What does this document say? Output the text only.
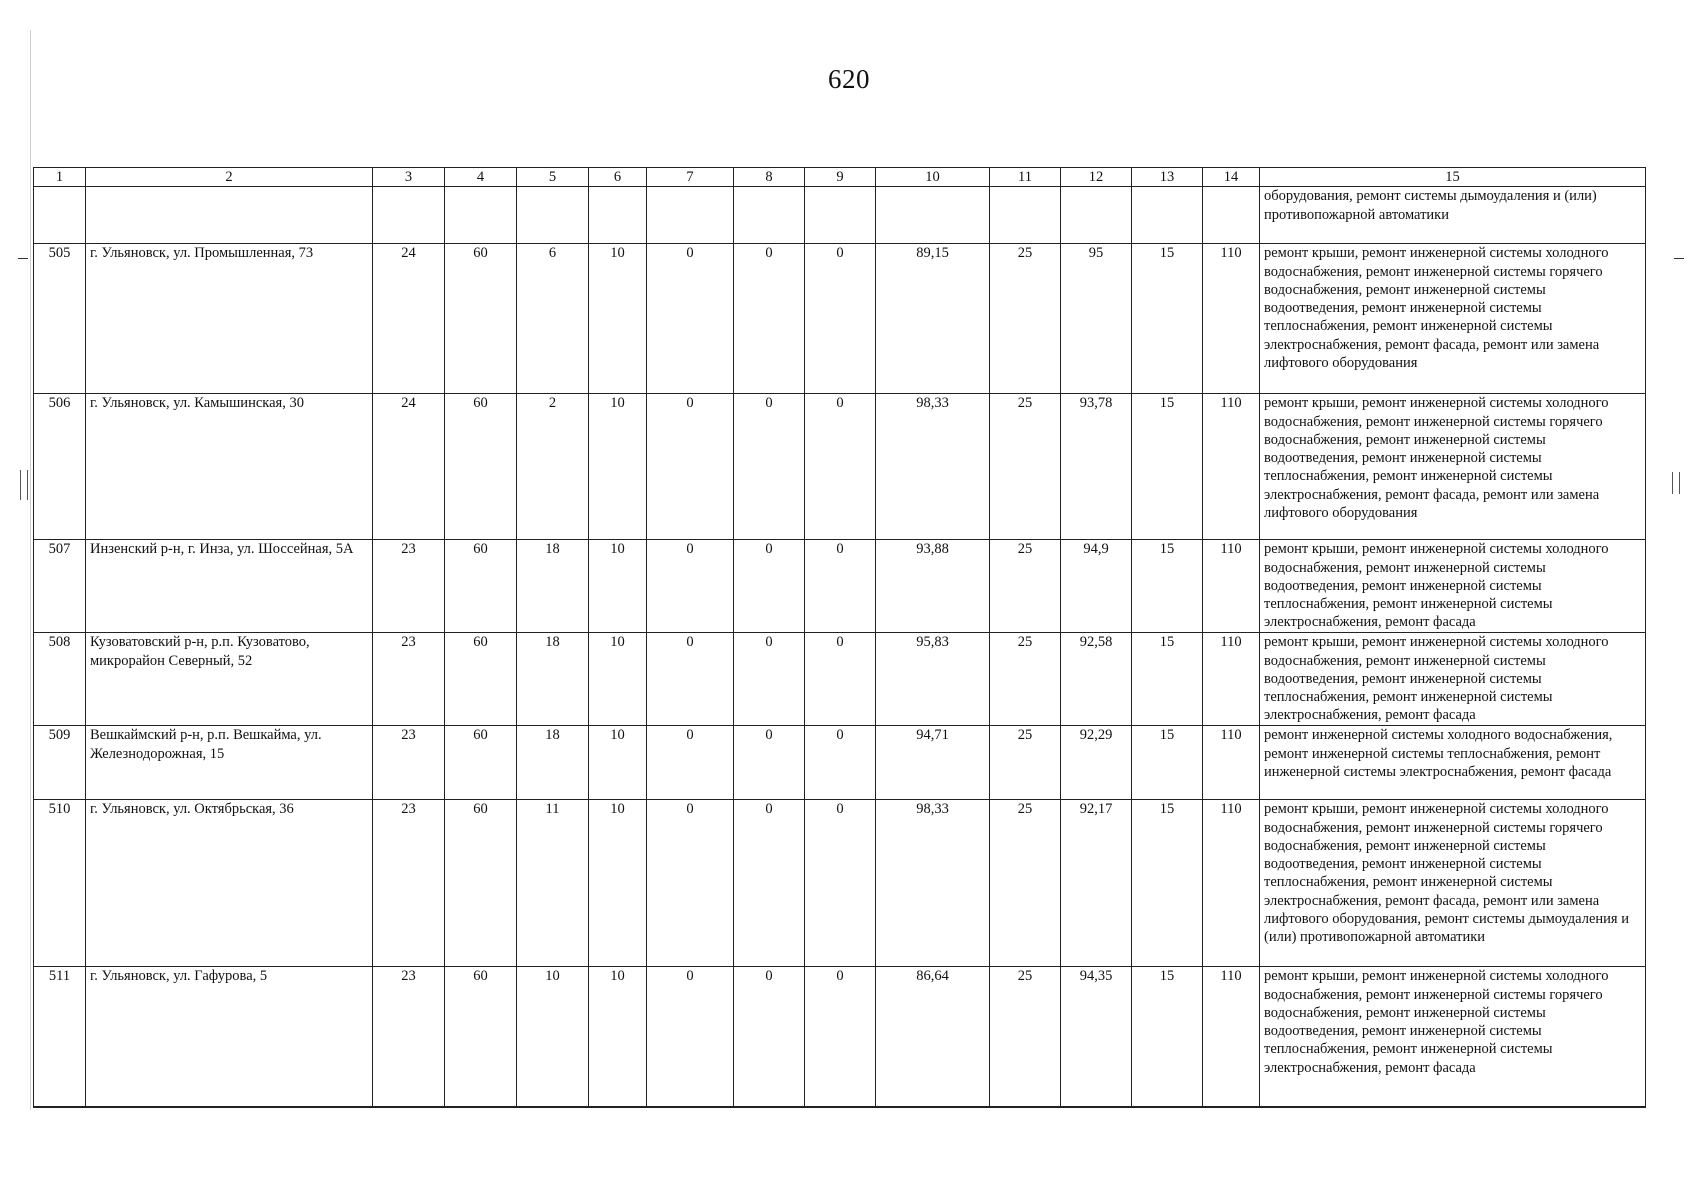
620
1	2	3	4	5	6	7	8	9	10	11	12	13	14	15
														оборудования, ремонт системы дымоудаления и (или) противопожарной автоматики
505	г. Ульяновск, ул. Промышленная, 73	24	60	6	10	0	0	0	89,15	25	95	15	110	ремонт крыши, ремонт инженерной системы холодного водоснабжения, ремонт инженерной системы горячего водоснабжения, ремонт инженерной системы водоотведения, ремонт инженерной системы теплоснабжения, ремонт инженерной системы электроснабжения, ремонт фасада, ремонт или замена лифтового оборудования
506	г. Ульяновск, ул. Камышинская, 30	24	60	2	10	0	0	0	98,33	25	93,78	15	110	ремонт крыши, ремонт инженерной системы холодного водоснабжения, ремонт инженерной системы горячего водоснабжения, ремонт инженерной системы водоотведения, ремонт инженерной системы теплоснабжения, ремонт инженерной системы электроснабжения, ремонт фасада, ремонт или замена лифтового оборудования
507	Инзенский р-н, г. Инза, ул. Шоссейная, 5А	23	60	18	10	0	0	0	93,88	25	94,9	15	110	ремонт крыши, ремонт инженерной системы холодного водоснабжения, ремонт инженерной системы водоотведения, ремонт инженерной системы теплоснабжения, ремонт инженерной системы электроснабжения, ремонт фасада
508	Кузоватовский р-н, р.п. Кузоватово, микрорайон Северный, 52	23	60	18	10	0	0	0	95,83	25	92,58	15	110	ремонт крыши, ремонт инженерной системы холодного водоснабжения, ремонт инженерной системы водоотведения, ремонт инженерной системы теплоснабжения, ремонт инженерной системы электроснабжения, ремонт фасада
509	Вешкаймский р-н, р.п. Вешкайма, ул. Железнодорожная, 15	23	60	18	10	0	0	0	94,71	25	92,29	15	110	ремонт инженерной системы холодного водоснабжения, ремонт инженерной системы теплоснабжения, ремонт инженерной системы электроснабжения, ремонт фасада
510	г. Ульяновск, ул. Октябрьская, 36	23	60	11	10	0	0	0	98,33	25	92,17	15	110	ремонт крыши, ремонт инженерной системы холодного водоснабжения, ремонт инженерной системы горячего водоснабжения, ремонт инженерной системы водоотведения, ремонт инженерной системы теплоснабжения, ремонт инженерной системы электроснабжения, ремонт фасада, ремонт или замена лифтового оборудования, ремонт системы дымоудаления и (или) противопожарной автоматики
511	г. Ульяновск, ул. Гафурова, 5	23	60	10	10	0	0	0	86,64	25	94,35	15	110	ремонт крыши, ремонт инженерной системы холодного водоснабжения, ремонт инженерной системы горячего водоснабжения, ремонт инженерной системы водоотведения, ремонт инженерной системы теплоснабжения, ремонт инженерной системы электроснабжения, ремонт фасада
